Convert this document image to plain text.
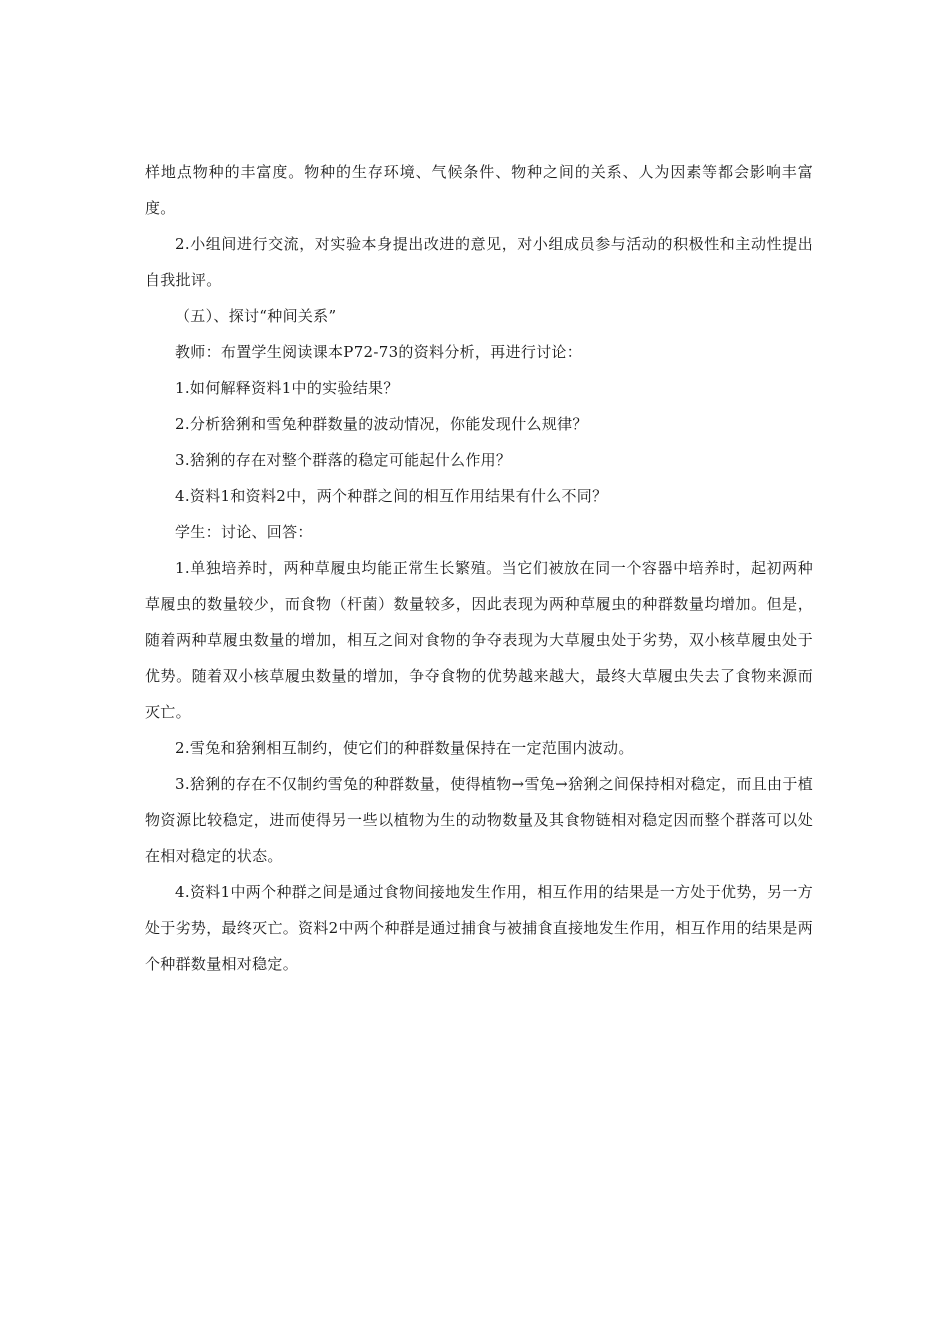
样地点物种的丰富度。物种的生存环境、气候条件、物种之间的关系、人为因素等都会影响丰富度。

2.小组间进行交流，对实验本身提出改进的意见，对小组成员参与活动的积极性和主动性提出自我批评。

（五）、探讨“种间关系”

教师：布置学生阅读课本P72-73的资料分析，再进行讨论：

1.如何解释资料1中的实验结果？

2.分析猞猁和雪兔种群数量的波动情况，你能发现什么规律？

3.猞猁的存在对整个群落的稳定可能起什么作用？

4.资料1和资料2中，两个种群之间的相互作用结果有什么不同？

学生：讨论、回答：

1.单独培养时，两种草履虫均能正常生长繁殖。当它们被放在同一个容器中培养时，起初两种草履虫的数量较少，而食物（杆菌）数量较多，因此表现为两种草履虫的种群数量均增加。但是，随着两种草履虫数量的增加，相互之间对食物的争夺表现为大草履虫处于劣势，双小核草履虫处于优势。随着双小核草履虫数量的增加，争夺食物的优势越来越大，最终大草履虫失去了食物来源而灭亡。

2.雪兔和猞猁相互制约，使它们的种群数量保持在一定范围内波动。

3.猞猁的存在不仅制约雪兔的种群数量，使得植物→雪兔→猞猁之间保持相对稳定，而且由于植物资源比较稳定，进而使得另一些以植物为生的动物数量及其食物链相对稳定因而整个群落可以处在相对稳定的状态。

4.资料1中两个种群之间是通过食物间接地发生作用，相互作用的结果是一方处于优势，另一方处于劣势，最终灭亡。资料2中两个种群是通过捕食与被捕食直接地发生作用，相互作用的结果是两个种群数量相对稳定。
